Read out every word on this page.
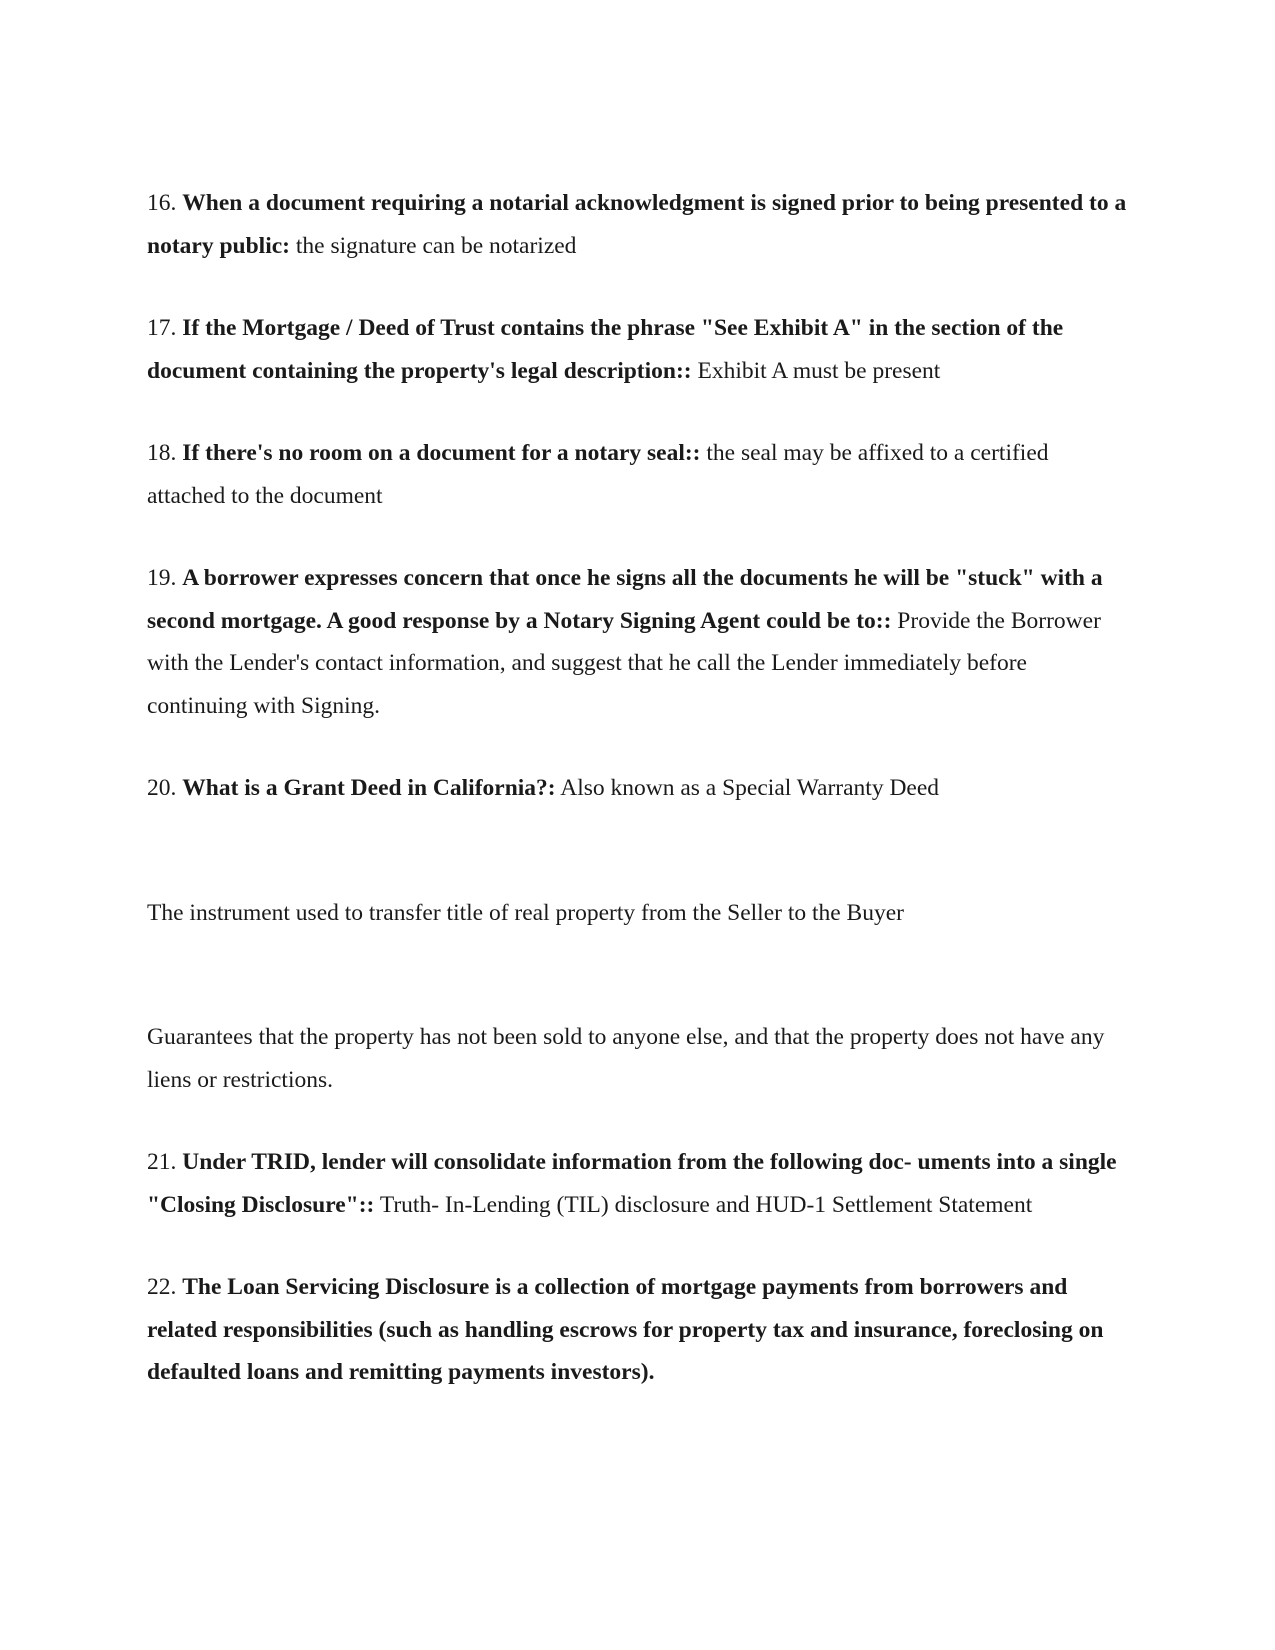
16. When a document requiring a notarial acknowledgment is signed prior to being presented to a notary public: the signature can be notarized

17. If the Mortgage / Deed of Trust contains the phrase "See Exhibit A" in the section of the document containing the property's legal description:: Exhibit A must be present

18. If there's no room on a document for a notary seal:: the seal may be affixed to a certified attached to the document

19. A borrower expresses concern that once he signs all the documents he will be "stuck" with a second mortgage. A good response by a Notary Signing Agent could be to:: Provide the Borrower with the Lender's contact information, and suggest that he call the Lender immediately before continuing with Signing.

20. What is a Grant Deed in California?: Also known as a Special Warranty Deed

The instrument used to transfer title of real property from the Seller to the Buyer

Guarantees that the property has not been sold to anyone else, and that the property does not have any liens or restrictions.

21. Under TRID, lender will consolidate information from the following doc- uments into a single "Closing Disclosure":: Truth- In-Lending (TIL) disclosure and HUD-1 Settlement Statement

22. The Loan Servicing Disclosure is a collection of mortgage payments from borrowers and related responsibilities (such as handling escrows for property tax and insurance, foreclosing on defaulted loans and remitting payments investors).
